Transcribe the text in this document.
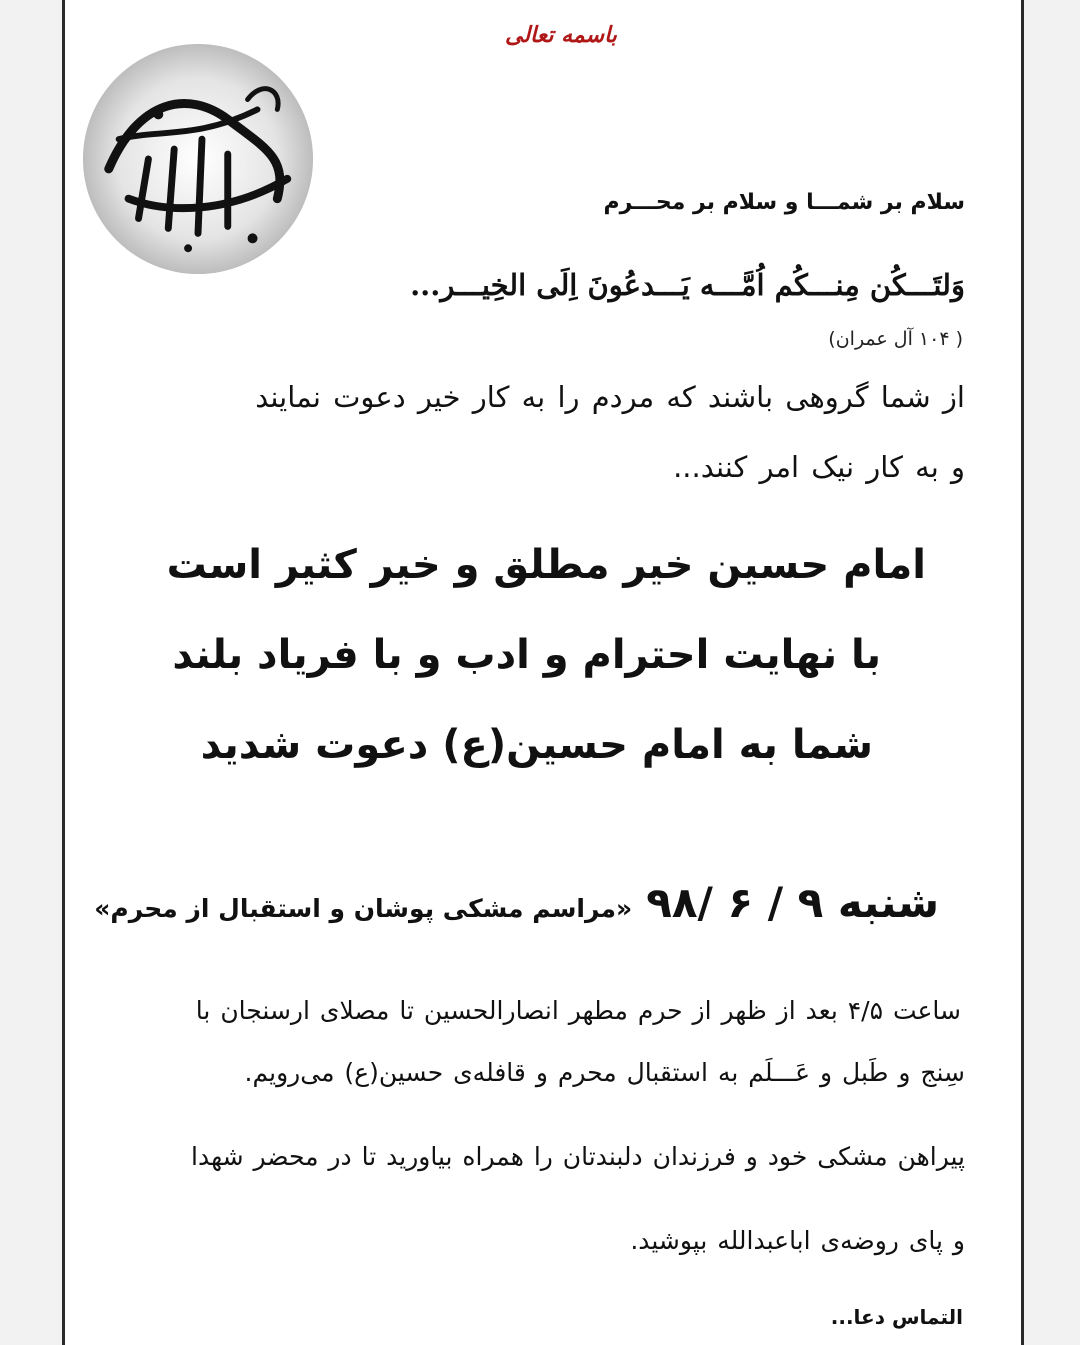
باسمه تعالی
سلام بر شمـــا و سلام بر محـــرم
وَلتَـــکُن مِنـــکُم اُمَّـــه یَـــدعُونَ اِلَی الخِیـــر...
( ۱۰۴ آل عمران)
از شما گروهی باشند که مردم را به کار خیر دعوت نمایند
و به کار نیک امر کنند...
امام حسین خیر مطلق و خیر کثیر است
با نهایت احترام و ادب و با فریاد بلند
شما به امام حسین(ع) دعوت شدید
شنبه ۹ / ۶ /۹۸
«مراسم مشکی پوشان و استقبال از محرم»
ساعت ۴/۵ بعد از ظهر از حرم مطهر انصارالحسین تا مصلای ارسنجان با
سِنج و طَبل و عَـــلَم به استقبال محرم و قافله‌ی حسین(ع) می‌رویم.
پیراهن مشکی خود و فرزندان دلبندتان را همراه بیاورید تا در محضر شهدا
و پای روضه‌ی اباعبدالله بپوشید.
التماس دعا...
